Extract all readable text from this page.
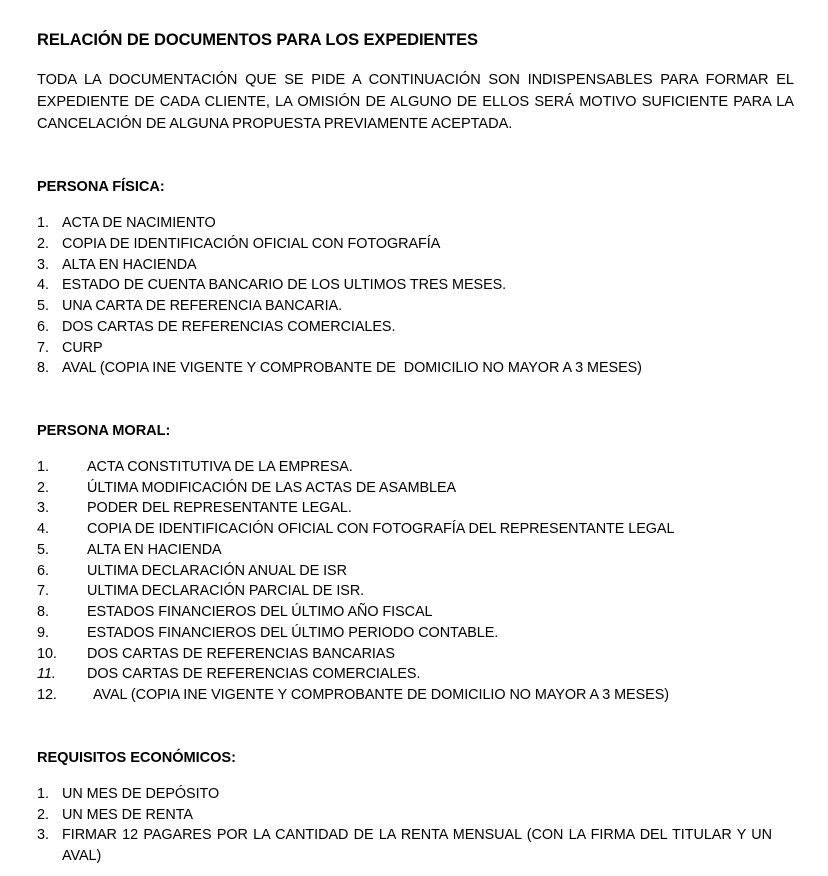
RELACIÓN DE DOCUMENTOS PARA LOS EXPEDIENTES

TODA LA DOCUMENTACIÓN QUE SE PIDE A CONTINUACIÓN SON INDISPENSABLES PARA FORMAR EL EXPEDIENTE DE CADA CLIENTE, LA OMISIÓN DE ALGUNO DE ELLOS SERÁ MOTIVO SUFICIENTE PARA LA CANCELACIÓN DE ALGUNA PROPUESTA PREVIAMENTE ACEPTADA.

PERSONA FÍSICA:
1. ACTA DE NACIMIENTO
2. COPIA DE IDENTIFICACIÓN OFICIAL CON FOTOGRAFÍA
3. ALTA EN HACIENDA
4. ESTADO DE CUENTA BANCARIO DE LOS ULTIMOS TRES MESES.
5. UNA CARTA DE REFERENCIA BANCARIA.
6. DOS CARTAS DE REFERENCIAS COMERCIALES.
7. CURP
8. AVAL (COPIA INE VIGENTE Y COMPROBANTE DE  DOMICILIO NO MAYOR A 3 MESES)
PERSONA MORAL:
1.	ACTA CONSTITUTIVA DE LA EMPRESA.
2.	ÚLTIMA MODIFICACIÓN DE LAS ACTAS DE ASAMBLEA
3.	PODER DEL REPRESENTANTE LEGAL.
4.	COPIA DE IDENTIFICACIÓN OFICIAL CON FOTOGRAFÍA DEL REPRESENTANTE LEGAL
5.	ALTA EN HACIENDA
6.	ULTIMA DECLARACIÓN ANUAL DE ISR
7.	ULTIMA DECLARACIÓN PARCIAL DE ISR.
8.	ESTADOS FINANCIEROS DEL ÚLTIMO AÑO FISCAL
9.	ESTADOS FINANCIEROS DEL ÚLTIMO PERIODO CONTABLE.
10.	DOS CARTAS DE REFERENCIAS BANCARIAS
11.	DOS CARTAS DE REFERENCIAS COMERCIALES.
12.	AVAL (COPIA INE VIGENTE Y COMPROBANTE DE DOMICILIO NO MAYOR A 3 MESES)
REQUISITOS ECONÓMICOS:
1. UN MES DE DEPÓSITO
2. UN MES DE RENTA
3. FIRMAR 12 PAGARES POR LA CANTIDAD DE LA RENTA MENSUAL (CON LA FIRMA DEL TITULAR Y UN AVAL)
